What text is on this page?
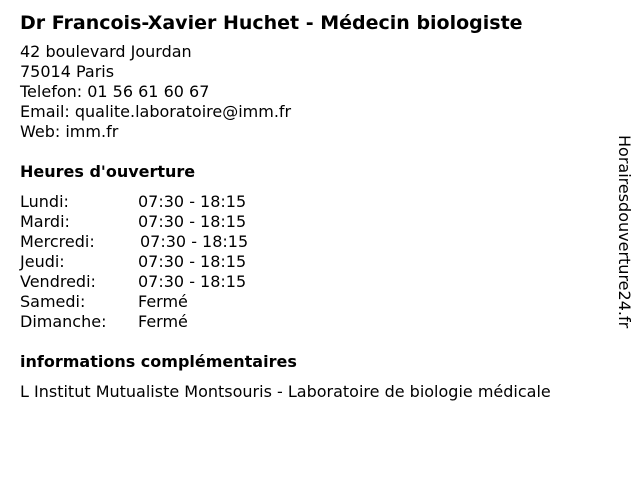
Dr Francois-Xavier Huchet - Médecin biologiste
42 boulevard Jourdan
75014 Paris
Telefon: 01 56 61 60 67
Email: qualite.laboratoire@imm.fr
Web: imm.fr
Heures d'ouverture
Lundi:	07:30 - 18:15
Mardi:	07:30 - 18:15
Mercredi:	07:30 - 18:15
Jeudi:	07:30 - 18:15
Vendredi:	07:30 - 18:15
Samedi:	Fermé
Dimanche:	Fermé
informations complémentaires
L Institut Mutualiste Montsouris - Laboratoire de biologie médicale
Horairesdouverture24.fr
